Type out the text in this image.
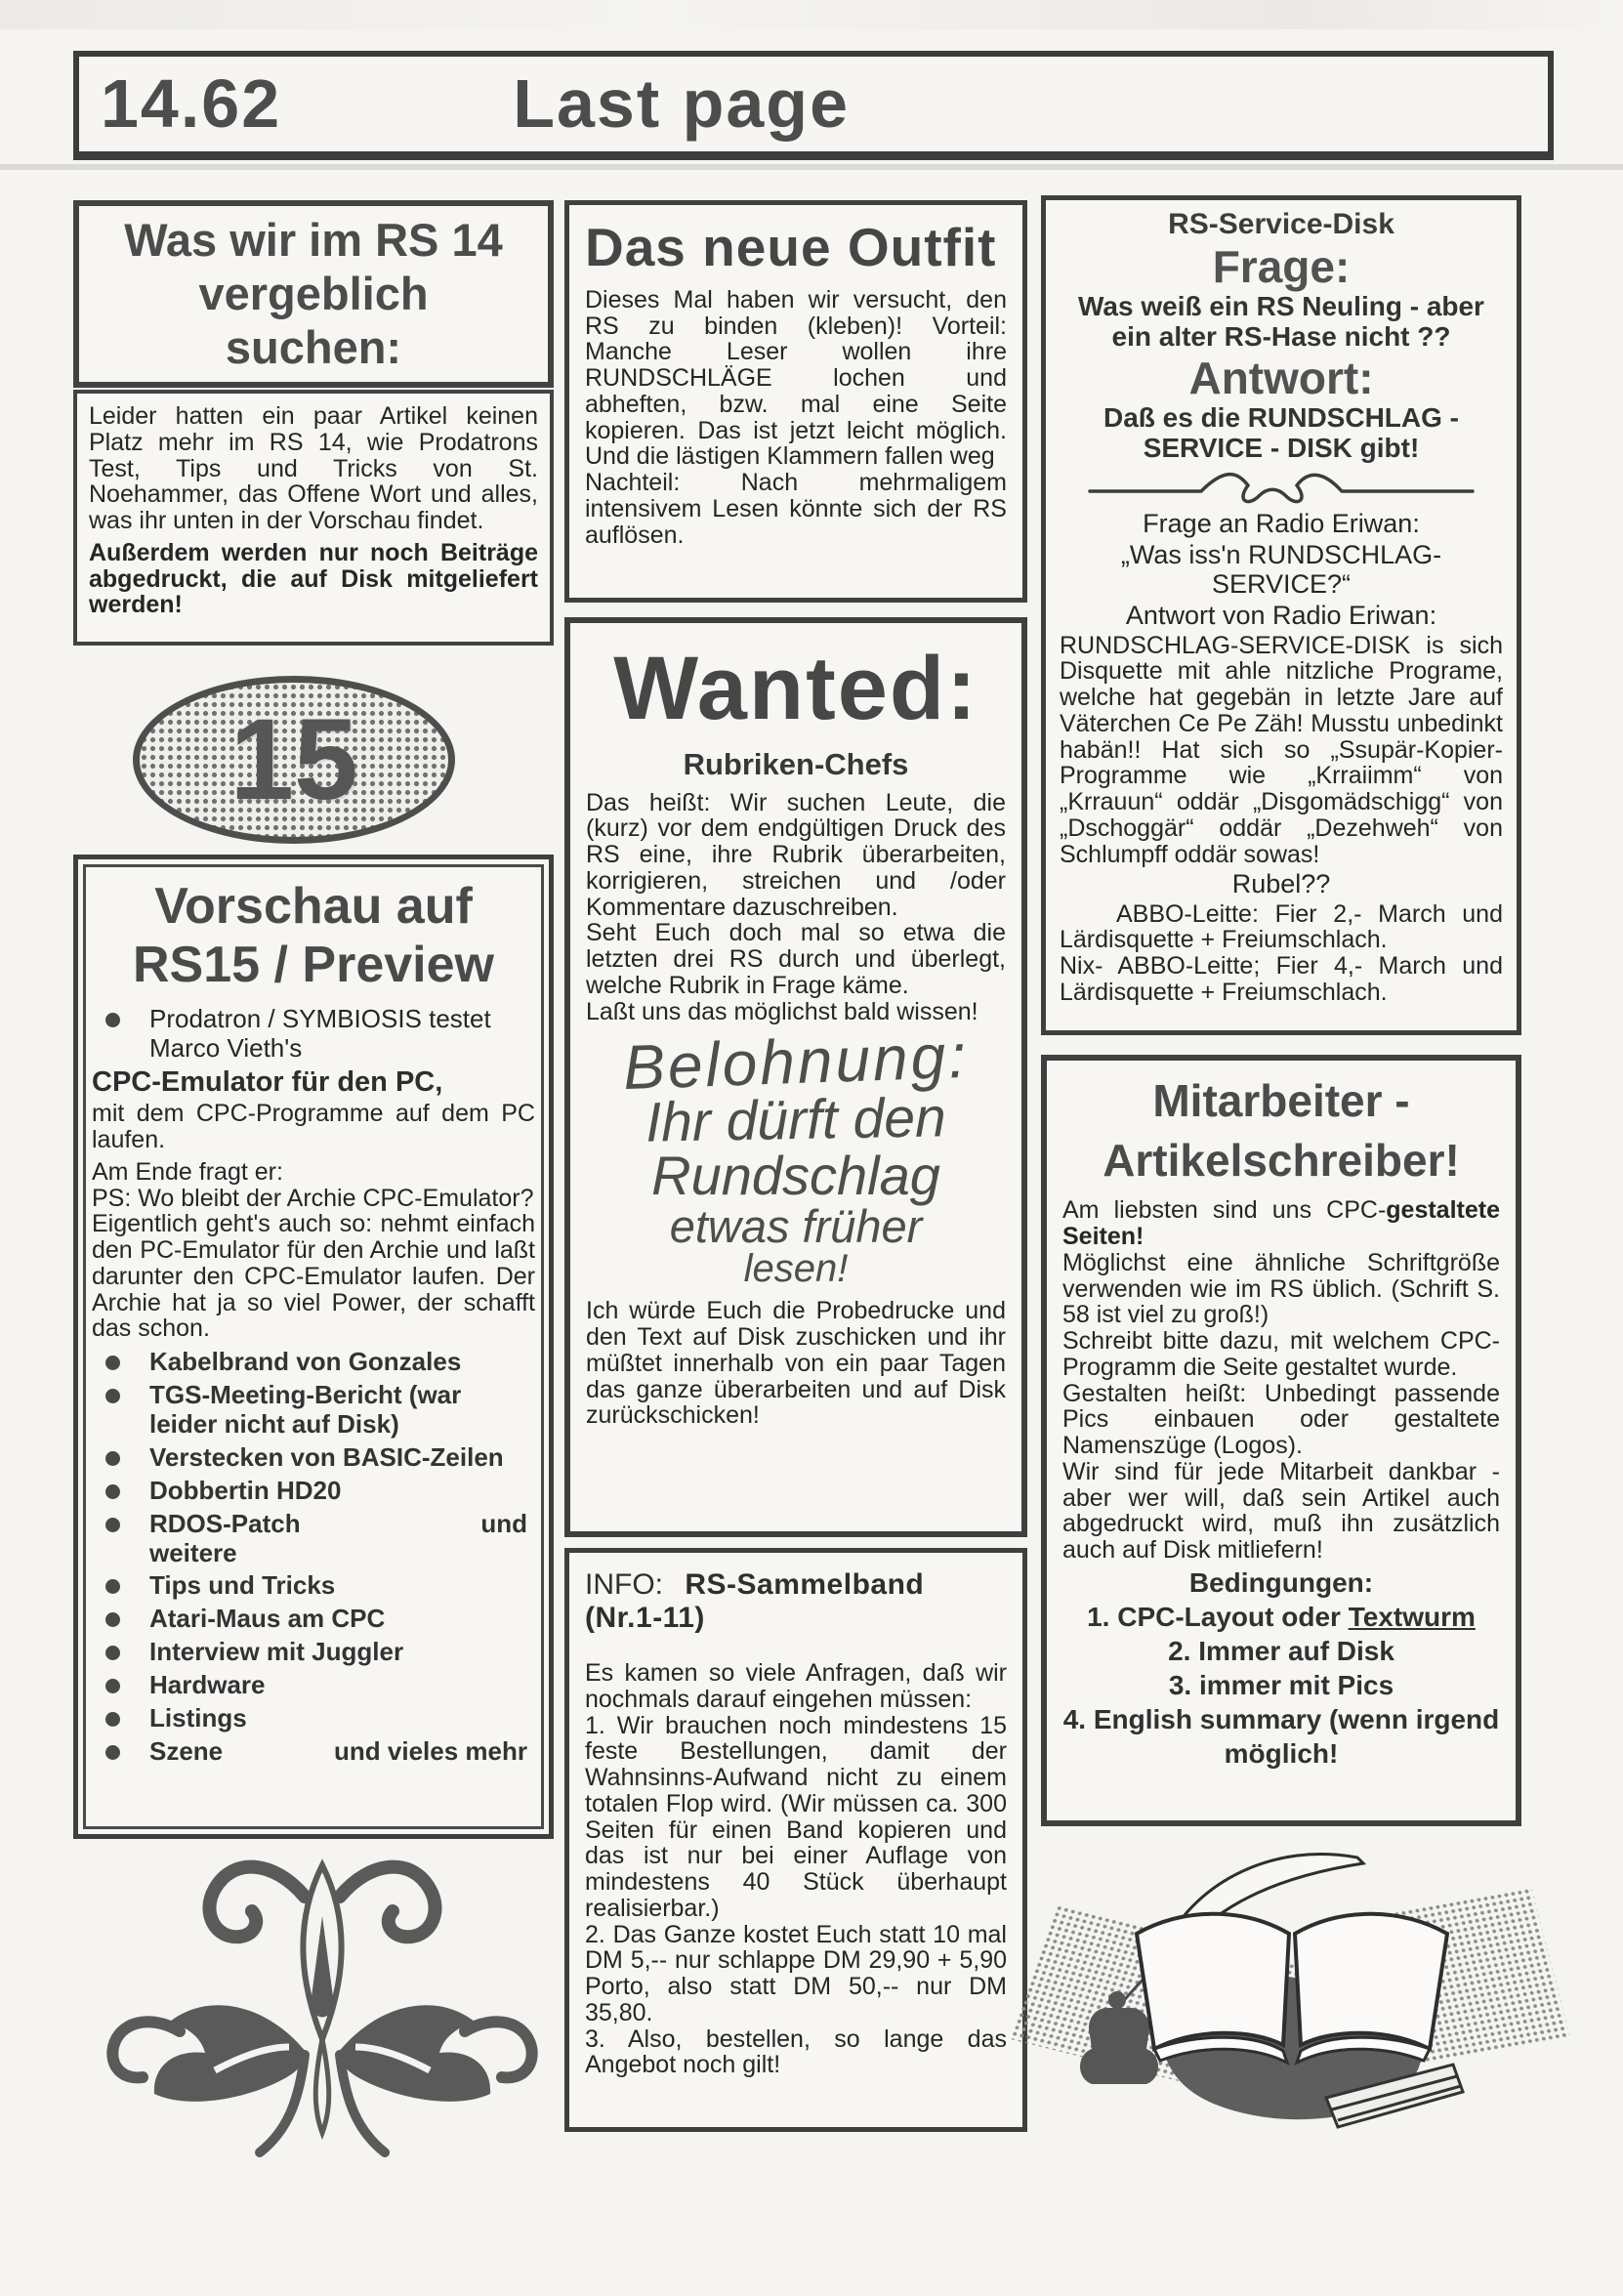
14.62	Last page
Was wir im RS 14
vergeblich
suchen:

Leider hatten ein paar Artikel keinen Platz mehr im RS 14, wie Prodatrons Test, Tips und Tricks von St. Noehammer, das Offene Wort und alles, was ihr unten in der Vorschau findet.

Außerdem werden nur noch Beiträge abgedruckt, die auf Disk mitgeliefert werden!

15
Vorschau auf
RS15 / Preview
Prodatron / SYMBIOSIS testet Marco Vieth's
CPC-Emulator für den PC,

mit dem CPC-Programme auf dem PC laufen.

Am Ende fragt er:

PS: Wo bleibt der Archie CPC-Emulator?

Eigentlich geht's auch so: nehmt einfach den PC-Emulator für den Archie und laßt darunter den CPC-Emulator laufen. Der Archie hat ja so viel Power, der schafft das schon.

Kabelbrand von Gonzales
TGS-Meeting-Bericht (war leider nicht auf Disk)
Verstecken von BASIC-Zeilen
Dobbertin HD20
RDOS-Patch	und

weitere
Tips und Tricks
Atari-Maus am CPC
Interview mit Juggler
Hardware
Listings
Szene	und vieles mehr
Das neue Outfit

Dieses Mal haben wir versucht, den RS zu binden (kleben)! Vorteil: Manche Leser wollen ihre RUNDSCHLÄGE lochen und abheften, bzw. mal eine Seite kopieren. Das ist jetzt leicht möglich. Und die lästigen Klammern fallen weg

Nachteil: Nach mehrmaligem intensivem Lesen könnte sich der RS auflösen.

Wanted:
Rubriken-Chefs

Das heißt: Wir suchen Leute, die (kurz) vor dem endgültigen Druck des RS eine, ihre Rubrik überarbeiten, korrigieren, streichen und /oder Kommentare dazuschreiben.

Seht Euch doch mal so etwa die letzten drei RS durch und überlegt, welche Rubrik in Frage käme.

Laßt uns das möglichst bald wissen!

Belohnung:
Ihr dürft den
Rundschlag
etwas früher
lesen!

Ich würde Euch die Probedrucke und den Text auf Disk zuschicken und ihr müßtet innerhalb von ein paar Tagen das ganze überarbeiten und auf Disk zurückschicken!

INFO: RS-Sammelband (Nr.1-11)

Es kamen so viele Anfragen, daß wir nochmals darauf eingehen müssen:

1. Wir brauchen noch mindestens 15 feste Bestellungen, damit der Wahnsinns-Aufwand nicht zu einem totalen Flop wird. (Wir müssen ca. 300 Seiten für einen Band kopieren und das ist nur bei einer Auflage von mindestens 40 Stück überhaupt realisierbar.)

2. Das Ganze kostet Euch statt 10 mal DM 5,-- nur schlappe DM 29,90 + 5,90 Porto, also statt DM 50,-- nur DM 35,80.

3. Also, bestellen, so lange das Angebot noch gilt!

RS-Service-Disk
Frage:
Was weiß ein RS Neuling - aber ein alter RS-Hase nicht ??
Antwort:
Daß es die RUNDSCHLAG - SERVICE - DISK gibt!
Frage an Radio Eriwan:
„Was iss'n RUNDSCHLAG-SERVICE?“
Antwort von Radio Eriwan:

RUNDSCHLAG-SERVICE-DISK is sich Disquette mit ahle nitzliche Programe, welche hat gegebän in letzte Jare auf Väterchen Ce Pe Zäh! Musstu unbedinkt habän!! Hat sich so „Ssupär-Kopier-Programme wie „Krraiimm“ von „Krrauun“ oddär „Disgomädschigg“ von „Dschoggär“ oddär „Dezehweh“ von Schlumpff oddär sowas!

Rubel??

ABBO-Leitte: Fier 2,- March und Lärdisquette + Freiumschlach.

Nix- ABBO-Leitte; Fier 4,- March und Lärdisquette + Freiumschlach.

Mitarbeiter -
Artikelschreiber!

Am liebsten sind uns CPC-gestaltete Seiten!

Möglichst eine ähnliche Schriftgröße verwenden wie im RS üblich. (Schrift S. 58 ist viel zu groß!)

Schreibt bitte dazu, mit welchem CPC-Programm die Seite gestaltet wurde.

Gestalten heißt: Unbedingt passende Pics einbauen oder gestaltete Namenszüge (Logos).

Wir sind für jede Mitarbeit dankbar - aber wer will, daß sein Artikel auch abgedruckt wird, muß ihn zusätzlich auch auf Disk mitliefern!

Bedingungen:
1. CPC-Layout oder Textwurm
2. Immer auf Disk
3. immer mit Pics
4. English summary (wenn irgend möglich!
